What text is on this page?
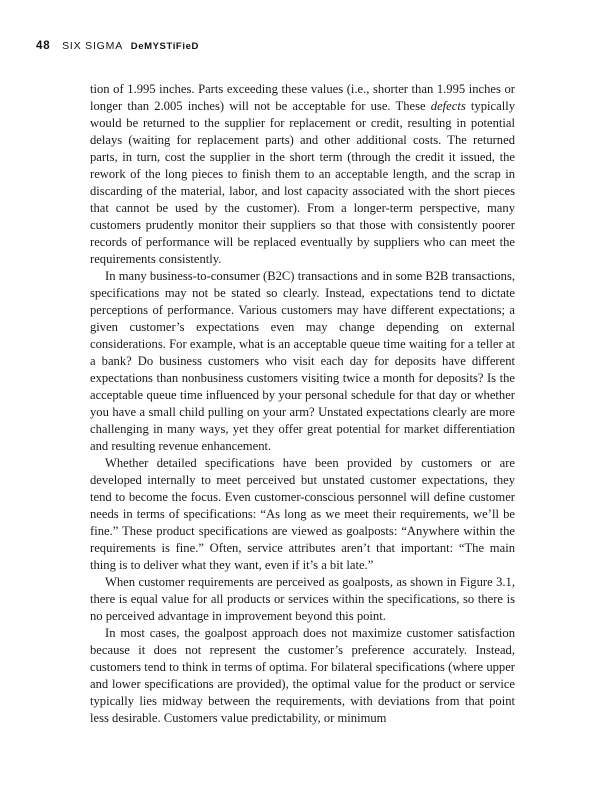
48 SIX SIGMA DeMYSTiFieD

tion of 1.995 inches. Parts exceeding these values (i.e., shorter than 1.995 inches or longer than 2.005 inches) will not be acceptable for use. These defects typically would be returned to the supplier for replacement or credit, resulting in potential delays (waiting for replacement parts) and other additional costs. The returned parts, in turn, cost the supplier in the short term (through the credit it issued, the rework of the long pieces to finish them to an acceptable length, and the scrap in discarding of the material, labor, and lost capacity associated with the short pieces that cannot be used by the customer). From a longer-term perspective, many customers prudently monitor their suppliers so that those with consistently poorer records of performance will be replaced eventually by suppliers who can meet the requirements consistently.

In many business-to-consumer (B2C) transactions and in some B2B transactions, specifications may not be stated so clearly. Instead, expectations tend to dictate perceptions of performance. Various customers may have different expectations; a given customer’s expectations even may change depending on external considerations. For example, what is an acceptable queue time waiting for a teller at a bank? Do business customers who visit each day for deposits have different expectations than nonbusiness customers visiting twice a month for deposits? Is the acceptable queue time influenced by your personal schedule for that day or whether you have a small child pulling on your arm? Unstated expectations clearly are more challenging in many ways, yet they offer great potential for market differentiation and resulting revenue enhancement.

Whether detailed specifications have been provided by customers or are developed internally to meet perceived but unstated customer expectations, they tend to become the focus. Even customer-conscious personnel will define customer needs in terms of specifications: “As long as we meet their requirements, we’ll be fine.” These product specifications are viewed as goalposts: “Anywhere within the requirements is fine.” Often, service attributes aren’t that important: “The main thing is to deliver what they want, even if it’s a bit late.”

When customer requirements are perceived as goalposts, as shown in Figure 3.1, there is equal value for all products or services within the specifications, so there is no perceived advantage in improvement beyond this point.

In most cases, the goalpost approach does not maximize customer satisfaction because it does not represent the customer’s preference accurately. Instead, customers tend to think in terms of optima. For bilateral specifications (where upper and lower specifications are provided), the optimal value for the product or service typically lies midway between the requirements, with deviations from that point less desirable. Customers value predictability, or minimum
